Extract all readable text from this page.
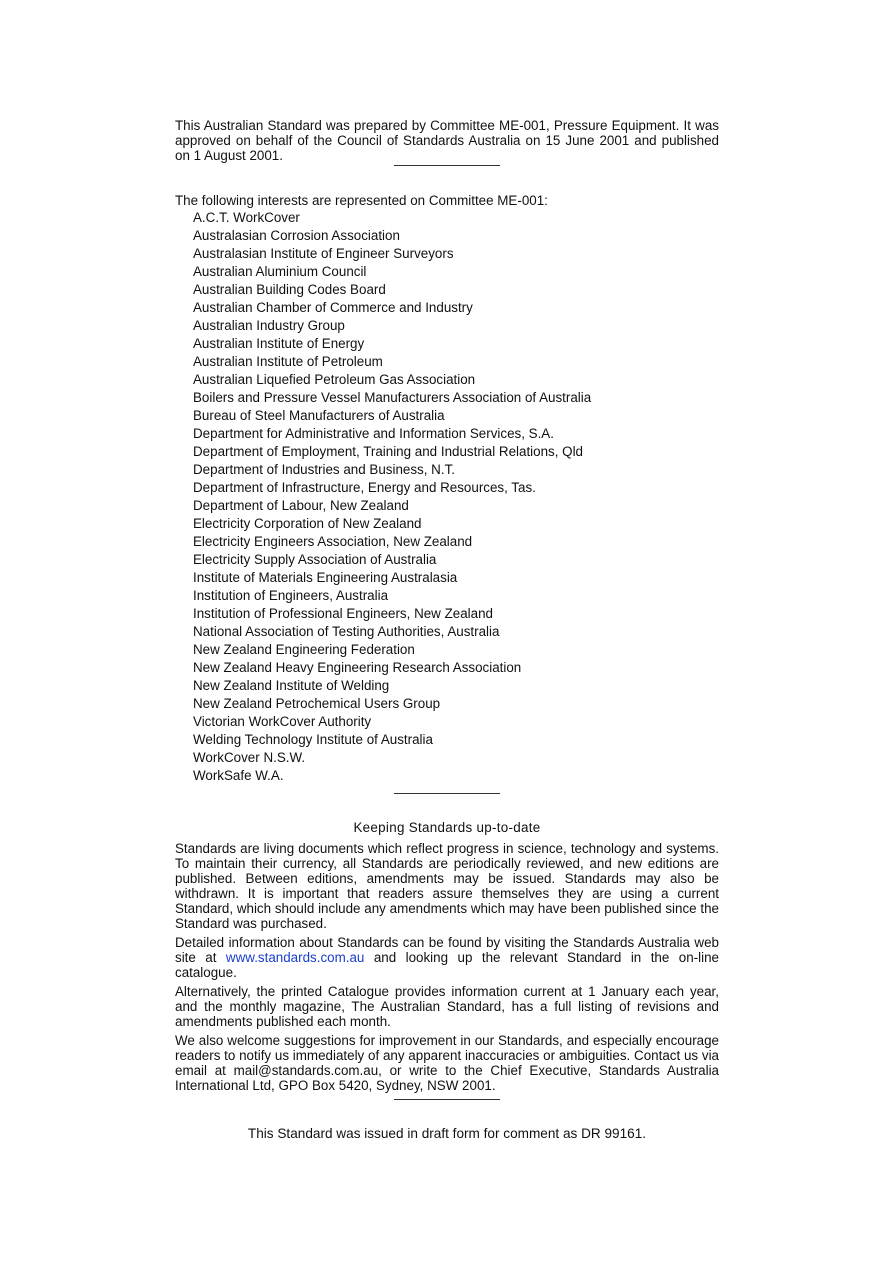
This Australian Standard was prepared by Committee ME-001, Pressure Equipment. It was approved on behalf of the Council of Standards Australia on 15 June 2001 and published on 1 August 2001.

The following interests are represented on Committee ME-001:

A.C.T. WorkCover
Australasian Corrosion Association
Australasian Institute of Engineer Surveyors
Australian Aluminium Council
Australian Building Codes Board
Australian Chamber of Commerce and Industry
Australian Industry Group
Australian Institute of Energy
Australian Institute of Petroleum
Australian Liquefied Petroleum Gas Association
Boilers and Pressure Vessel Manufacturers Association of Australia
Bureau of Steel Manufacturers of Australia
Department for Administrative and Information Services, S.A.
Department of Employment, Training and Industrial Relations, Qld
Department of Industries and Business, N.T.
Department of Infrastructure, Energy and Resources, Tas.
Department of Labour, New Zealand
Electricity Corporation of New Zealand
Electricity Engineers Association, New Zealand
Electricity Supply Association of Australia
Institute of Materials Engineering Australasia
Institution of Engineers, Australia
Institution of Professional Engineers, New Zealand
National Association of Testing Authorities, Australia
New Zealand Engineering Federation
New Zealand Heavy Engineering Research Association
New Zealand Institute of Welding
New Zealand Petrochemical Users Group
Victorian WorkCover Authority
Welding Technology Institute of Australia
WorkCover N.S.W.
WorkSafe W.A.
Keeping Standards up-to-date

Standards are living documents which reflect progress in science, technology and systems. To maintain their currency, all Standards are periodically reviewed, and new editions are published. Between editions, amendments may be issued. Standards may also be withdrawn. It is important that readers assure themselves they are using a current Standard, which should include any amendments which may have been published since the Standard was purchased.

Detailed information about Standards can be found by visiting the Standards Australia web site at www.standards.com.au and looking up the relevant Standard in the on-line catalogue.

Alternatively, the printed Catalogue provides information current at 1 January each year, and the monthly magazine, The Australian Standard, has a full listing of revisions and amendments published each month.

We also welcome suggestions for improvement in our Standards, and especially encourage readers to notify us immediately of any apparent inaccuracies or ambiguities. Contact us via email at mail@standards.com.au, or write to the Chief Executive, Standards Australia International Ltd, GPO Box 5420, Sydney, NSW 2001.

This Standard was issued in draft form for comment as DR 99161.
